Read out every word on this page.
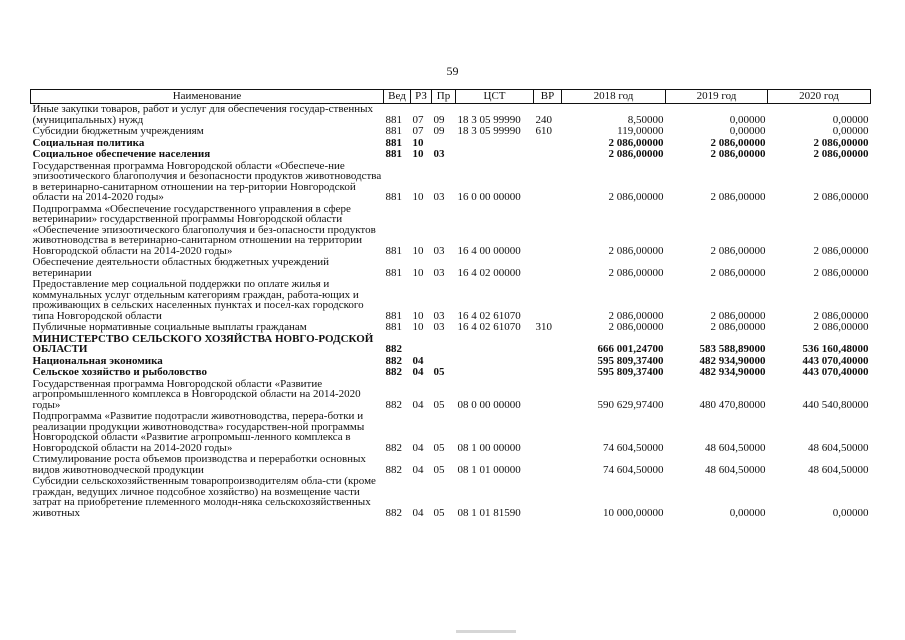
59
Наименование	Вед	РЗ	Пр	ЦСТ	ВР	2018 год	2019 год	2020 год
Иные закупки товаров, работ и услуг для обеспечения государ-ственных (муниципальных) нужд	881	07	09	18 3 05 99990	240	8,50000	0,00000	0,00000
Субсидии бюджетным учреждениям	881	07	09	18 3 05 99990	610	119,00000	0,00000	0,00000
Социальная политика	881	10				2 086,00000	2 086,00000	2 086,00000
Социальное обеспечение населения	881	10	03			2 086,00000	2 086,00000	2 086,00000
Государственная программа Новгородской области «Обеспече-ние эпизоотического благополучия и безопасности продуктов животноводства в ветеринарно-санитарном отношении на тер-ритории Новгородской области на 2014-2020 годы»	881	10	03	16 0 00 00000		2 086,00000	2 086,00000	2 086,00000
Подпрограмма «Обеспечение государственного управления в сфере ветеринарии» государственной программы Новгородской области «Обеспечение эпизоотического благополучия и без-опасности продуктов животноводства в ветеринарно-санитарном отношении на территории Новгородской области на 2014-2020 годы»	881	10	03	16 4 00 00000		2 086,00000	2 086,00000	2 086,00000
Обеспечение деятельности областных бюджетных учреждений ветеринарии	881	10	03	16 4 02 00000		2 086,00000	2 086,00000	2 086,00000
Предоставление мер социальной поддержки по оплате жилья и коммунальных услуг отдельным категориям граждан, работа-ющих и проживающих в сельских населенных пунктах и посел-ках городского типа Новгородской области	881	10	03	16 4 02 61070		2 086,00000	2 086,00000	2 086,00000
Публичные нормативные социальные выплаты гражданам	881	10	03	16 4 02 61070	310	2 086,00000	2 086,00000	2 086,00000
МИНИСТЕРСТВО СЕЛЬСКОГО ХОЗЯЙСТВА НОВГО-РОДСКОЙ ОБЛАСТИ	882					666 001,24700	583 588,89000	536 160,48000
Национальная экономика	882	04				595 809,37400	482 934,90000	443 070,40000
Сельское хозяйство и рыболовство	882	04	05			595 809,37400	482 934,90000	443 070,40000
Государственная программа Новгородской области «Развитие агропромышленного комплекса в Новгородской области на 2014-2020 годы»	882	04	05	08 0 00 00000		590 629,97400	480 470,80000	440 540,80000
Подпрограмма «Развитие подотрасли животноводства, перера-ботки и реализации продукции животноводства» государствен-ной программы Новгородской области «Развитие агропромыш-ленного комплекса в Новгородской области на 2014-2020 годы»	882	04	05	08 1 00 00000		74 604,50000	48 604,50000	48 604,50000
Стимулирование роста объемов производства и переработки основных видов животноводческой продукции	882	04	05	08 1 01 00000		74 604,50000	48 604,50000	48 604,50000
Субсидии сельскохозяйственным товаропроизводителям обла-сти (кроме граждан, ведущих личное подсобное хозяйство) на возмещение части затрат на приобретение племенного молодн-няка сельскохозяйственных животных	882	04	05	08 1 01 81590		10 000,00000	0,00000	0,00000
